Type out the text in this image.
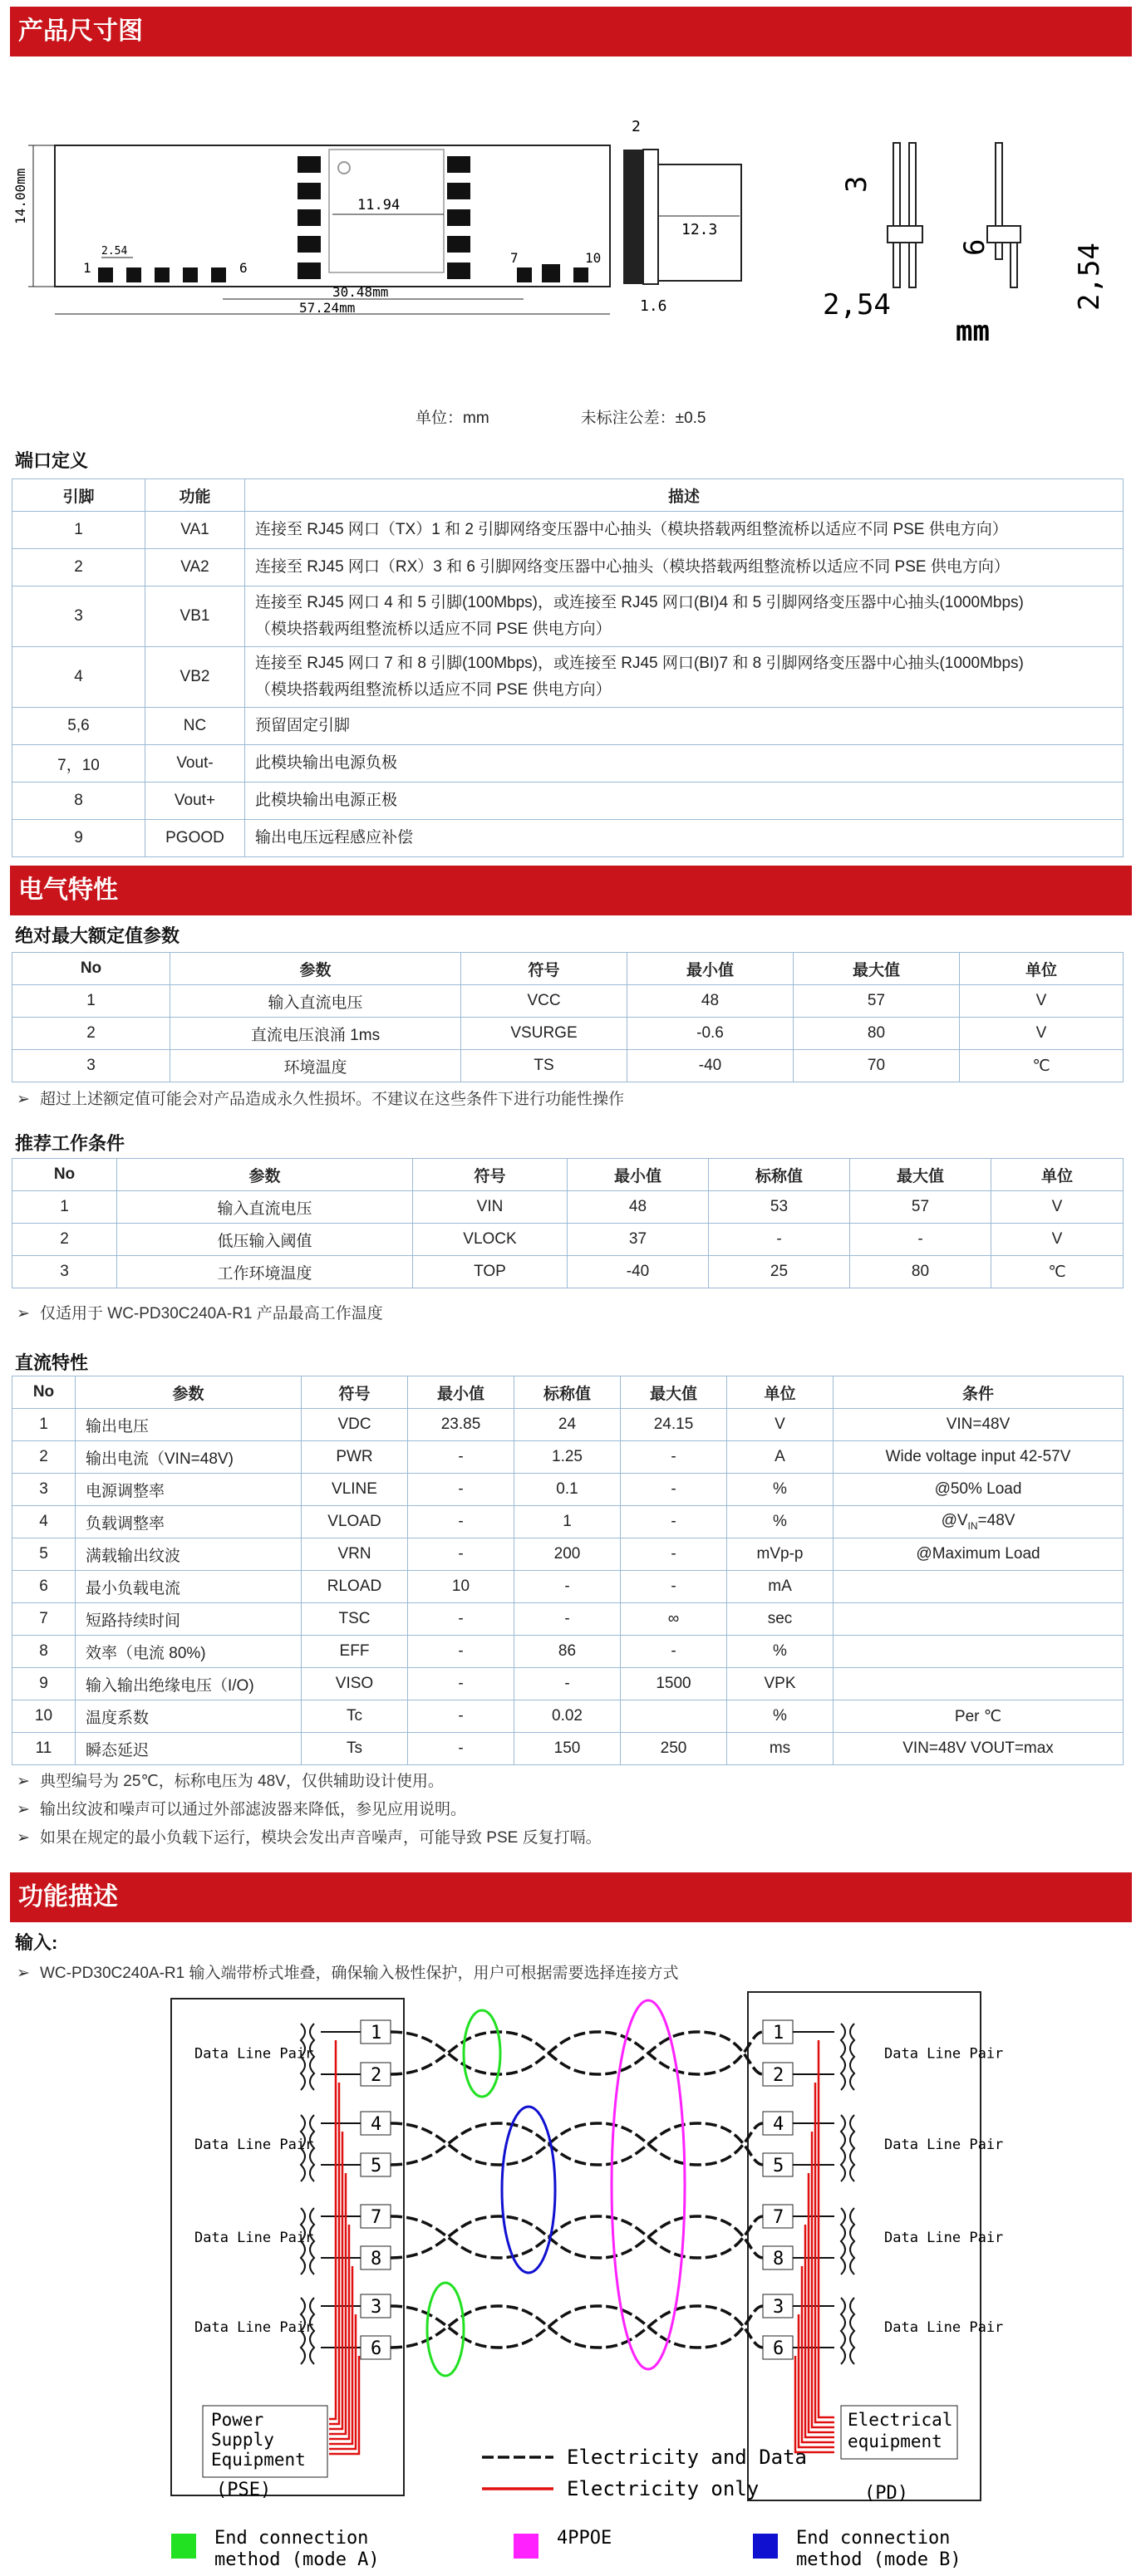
产品尺寸图
14.00mm	11.94
2.54
1	6
7	10
30.48mm
57.24mm
2
12.3
1.6
3
6
2,54	2,54
mm
单位：mm	未标注公差：±0.5
端口定义
引脚	功能	描述
1	VA1	连接至 RJ45 网口（TX）1 和 2 引脚网络变压器中心抽头（模块搭载两组整流桥以适应不同 PSE 供电方向）

2	VA2	连接至 RJ45 网口（RX）3 和 6 引脚网络变压器中心抽头（模块搭载两组整流桥以适应不同 PSE 供电方向）

3	VB1	连接至 RJ45 网口 4 和 5 引脚(100Mbps)，或连接至 RJ45 网口(BI)4 和 5 引脚网络变压器中心抽头(1000Mbps)
（模块搭载两组整流桥以适应不同 PSE 供电方向）

4	VB2	连接至 RJ45 网口 7 和 8 引脚(100Mbps)，或连接至 RJ45 网口(BI)7 和 8 引脚网络变压器中心抽头(1000Mbps)
（模块搭载两组整流桥以适应不同 PSE 供电方向）

5,6	NC	预留固定引脚

7，10	Vout-	此模块输出电源负极

8	Vout+	此模块输出电源正极

9	PGOOD	输出电压远程感应补偿
电气特性
绝对最大额定值参数
No	参数	符号	最小值	最大值	单位
1	输入直流电压	VCC	48	57	V
2	直流电压浪涌 1ms	VSURGE	-0.6	80	V
3	环境温度	TS	-40	70	℃
➢ 超过上述额定值可能会对产品造成永久性损坏。不建议在这些条件下进行功能性操作
推荐工作条件
No	参数	符号	最小值	标称值	最大值	单位
1	输入直流电压	VIN	48	53	57	V
2	低压输入阈值	VLOCK	37	-	-	V
3	工作环境温度	TOP	-40	25	80	℃
➢ 仅适用于 WC-PD30C240A-R1 产品最高工作温度
直流特性
No	参数	符号	最小值	标称值	最大值	单位	条件
1	输出电压	VDC	23.85	24	24.15	V	VIN=48V
2	输出电流（VIN=48V)	PWR	-	1.25	-	A	Wide voltage input 42-57V
3	电源调整率	VLINE	-	0.1	-	%	@50% Load
4	负载调整率	VLOAD	-	1	-	%	$@V_{IN}=48V$
5	满载输出纹波	VRN	-	200	-	mVp-p	@Maximum Load
6	最小负载电流	RLOAD	10	-	-	mA	
7	短路持续时间	TSC	-	-	∞	sec	
8	效率（电流 80%)	EFF	-	86	-	%	
9	输入输出绝缘电压（I/O)	VISO	-	-	1500	VPK	
10	温度系数	Tc	-	0.02		%	Per ℃
11	瞬态延迟	Ts	-	150	250	ms	VIN=48V VOUT=max
➢ 典型编号为 25℃，标称电压为 48V，仅供辅助设计使用。
➢ 输出纹波和噪声可以通过外部滤波器来降低，参见应用说明。
➢ 如果在规定的最小负载下运行，模块会发出声音噪声，可能导致 PSE 反复打嗝。
功能描述
输入:
➢ WC-PD30C240A-R1 输入端带桥式堆叠，确保输入极性保护，用户可根据需要选择连接方式
1	1
2	2
4	4
5	5
7	7
8	8
3	3
6	6
Data Line Pair	Data Line Pair
Data Line Pair	Data Line Pair
Data Line Pair	Data Line Pair
Data Line Pair	Data Line Pair
Power
Supply
Equipment
(PSE)
Electrical
equipment
(PD)
Electricity and Data
Electricity only
End connection
method (mode A)
4PPOE	End connection
method (mode B)
